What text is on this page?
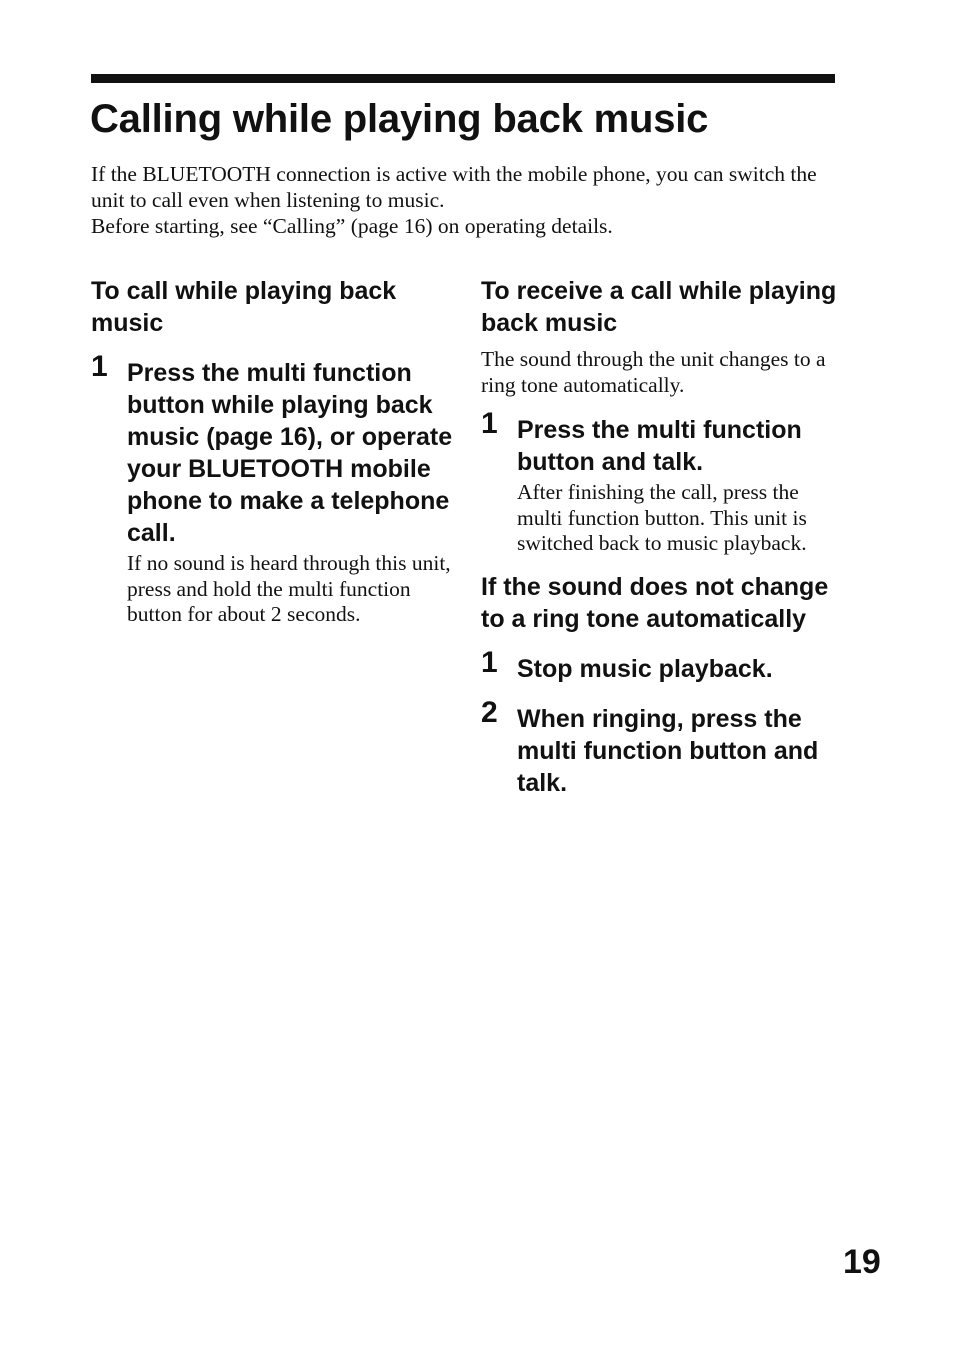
Calling while playing back music

If the BLUETOOTH connection is active with the mobile phone, you can switch the unit to call even when listening to music.

Before starting, see “Calling” (page 16) on operating details.

To call while playing back music
1 Press the multi function button while playing back music (page 16), or operate your BLUETOOTH mobile phone to make a telephone call.

If no sound is heard through this unit, press and hold the multi function button for about 2 seconds.

To receive a call while playing back music

The sound through the unit changes to a ring tone automatically.

1 Press the multi function button and talk.

After finishing the call, press the multi function button. This unit is switched back to music playback.

If the sound does not change to a ring tone automatically
1 Stop music playback.

2 When ringing, press the multi function button and talk.

19
